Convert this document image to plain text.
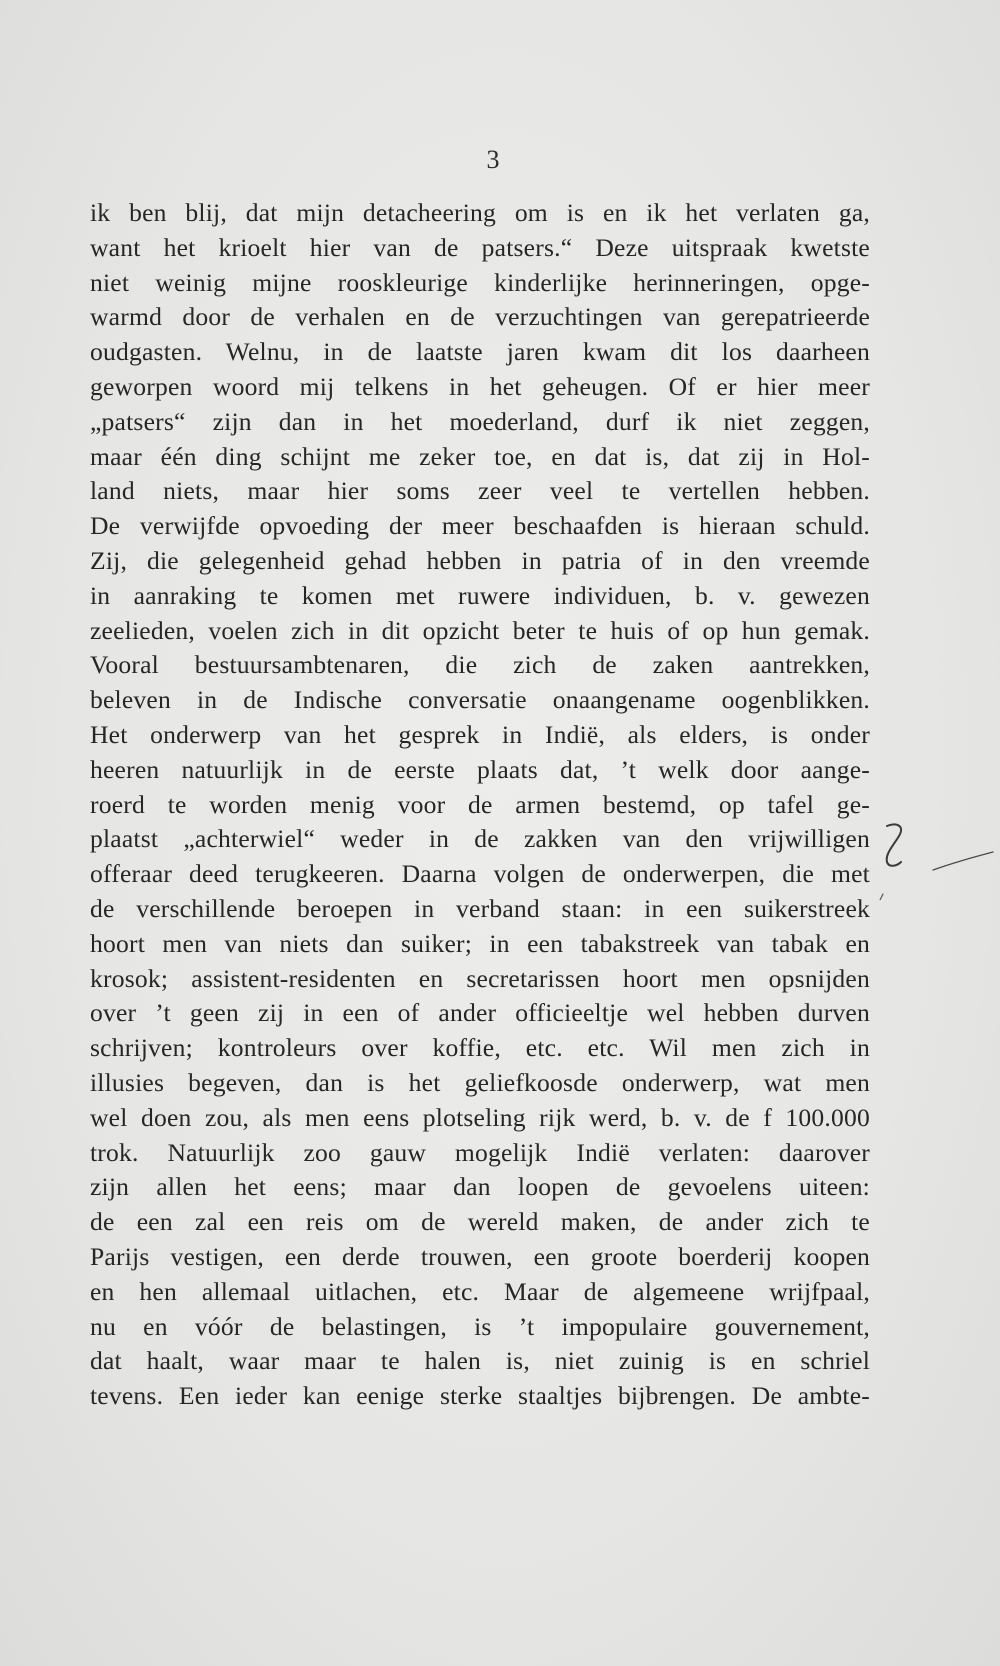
3
ik ben blij, dat mijn detacheering om is en ik het verlaten ga,
want het krioelt hier van de patsers.“ Deze uitspraak kwetste
niet weinig mijne rooskleurige kinderlijke herinneringen, opge-
warmd door de verhalen en de verzuchtingen van gerepatrieerde
oudgasten. Welnu, in de laatste jaren kwam dit los daarheen
geworpen woord mij telkens in het geheugen. Of er hier meer
„patsers“ zijn dan in het moederland, durf ik niet zeggen,
maar één ding schijnt me zeker toe, en dat is, dat zij in Hol-
land niets, maar hier soms zeer veel te vertellen hebben.
De verwijfde opvoeding der meer beschaafden is hieraan schuld.
Zij, die gelegenheid gehad hebben in patria of in den vreemde
in aanraking te komen met ruwere individuen, b. v. gewezen
zeelieden, voelen zich in dit opzicht beter te huis of op hun gemak.
Vooral bestuursambtenaren, die zich de zaken aantrekken,
beleven in de Indische conversatie onaangename oogenblikken.
Het onderwerp van het gesprek in Indië, als elders, is onder
heeren natuurlijk in de eerste plaats dat, ’t welk door aange-
roerd te worden menig voor de armen bestemd, op tafel ge-
plaatst „achterwiel“ weder in de zakken van den vrijwilligen
offeraar deed terugkeeren. Daarna volgen de onderwerpen, die met
de verschillende beroepen in verband staan: in een suikerstreek
hoort men van niets dan suiker; in een tabakstreek van tabak en
krosok; assistent-residenten en secretarissen hoort men opsnijden
over ’t geen zij in een of ander officieeltje wel hebben durven
schrijven; kontroleurs over koffie, etc. etc. Wil men zich in
illusies begeven, dan is het geliefkoosde onderwerp, wat men
wel doen zou, als men eens plotseling rijk werd, b. v. de f 100.000
trok. Natuurlijk zoo gauw mogelijk Indië verlaten: daarover
zijn allen het eens; maar dan loopen de gevoelens uiteen:
de een zal een reis om de wereld maken, de ander zich te
Parijs vestigen, een derde trouwen, een groote boerderij koopen
en hen allemaal uitlachen, etc. Maar de algemeene wrijfpaal,
nu en vóór de belastingen, is ’t impopulaire gouvernement,
dat haalt, waar maar te halen is, niet zuinig is en schriel
tevens. Een ieder kan eenige sterke staaltjes bijbrengen. De ambte-
